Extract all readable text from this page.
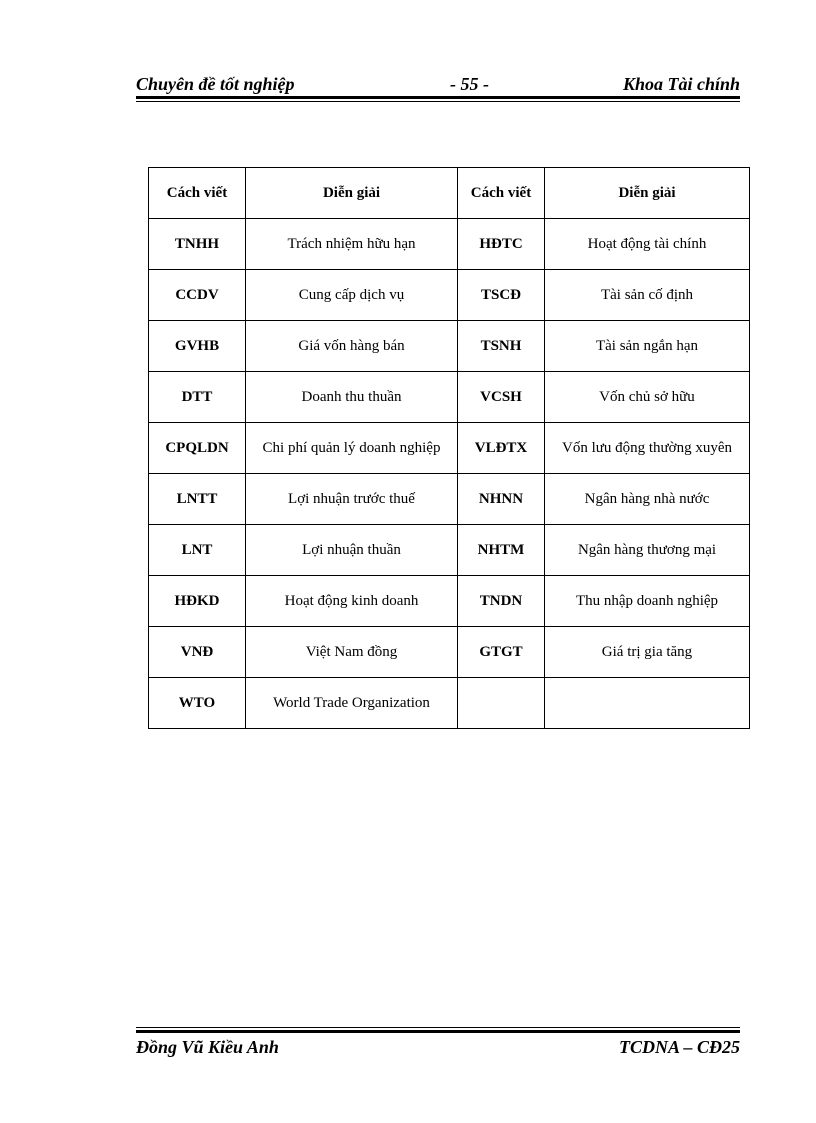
Chuyên đề tốt nghiệp	- 55 -	Khoa Tài chính
Cách viết	Diễn giải	Cách viết	Diễn giải
TNHH	Trách nhiệm hữu hạn	HĐTC	Hoạt động tài chính
CCDV	Cung cấp dịch vụ	TSCĐ	Tài sản cố định
GVHB	Giá vốn hàng bán	TSNH	Tài sản ngắn hạn
DTT	Doanh thu thuần	VCSH	Vốn chủ sở hữu
CPQLDN	Chi phí quản lý doanh nghiệp	VLĐTX	Vốn lưu động thường xuyên
LNTT	Lợi nhuận trước thuế	NHNN	Ngân hàng nhà nước
LNT	Lợi nhuận thuần	NHTM	Ngân hàng thương mại
HĐKD	Hoạt động kinh doanh	TNDN	Thu nhập doanh nghiệp
VNĐ	Việt Nam đồng	GTGT	Giá trị gia tăng
WTO	World Trade Organization		
Đồng Vũ Kiều Anh	TCDNA – CĐ25
